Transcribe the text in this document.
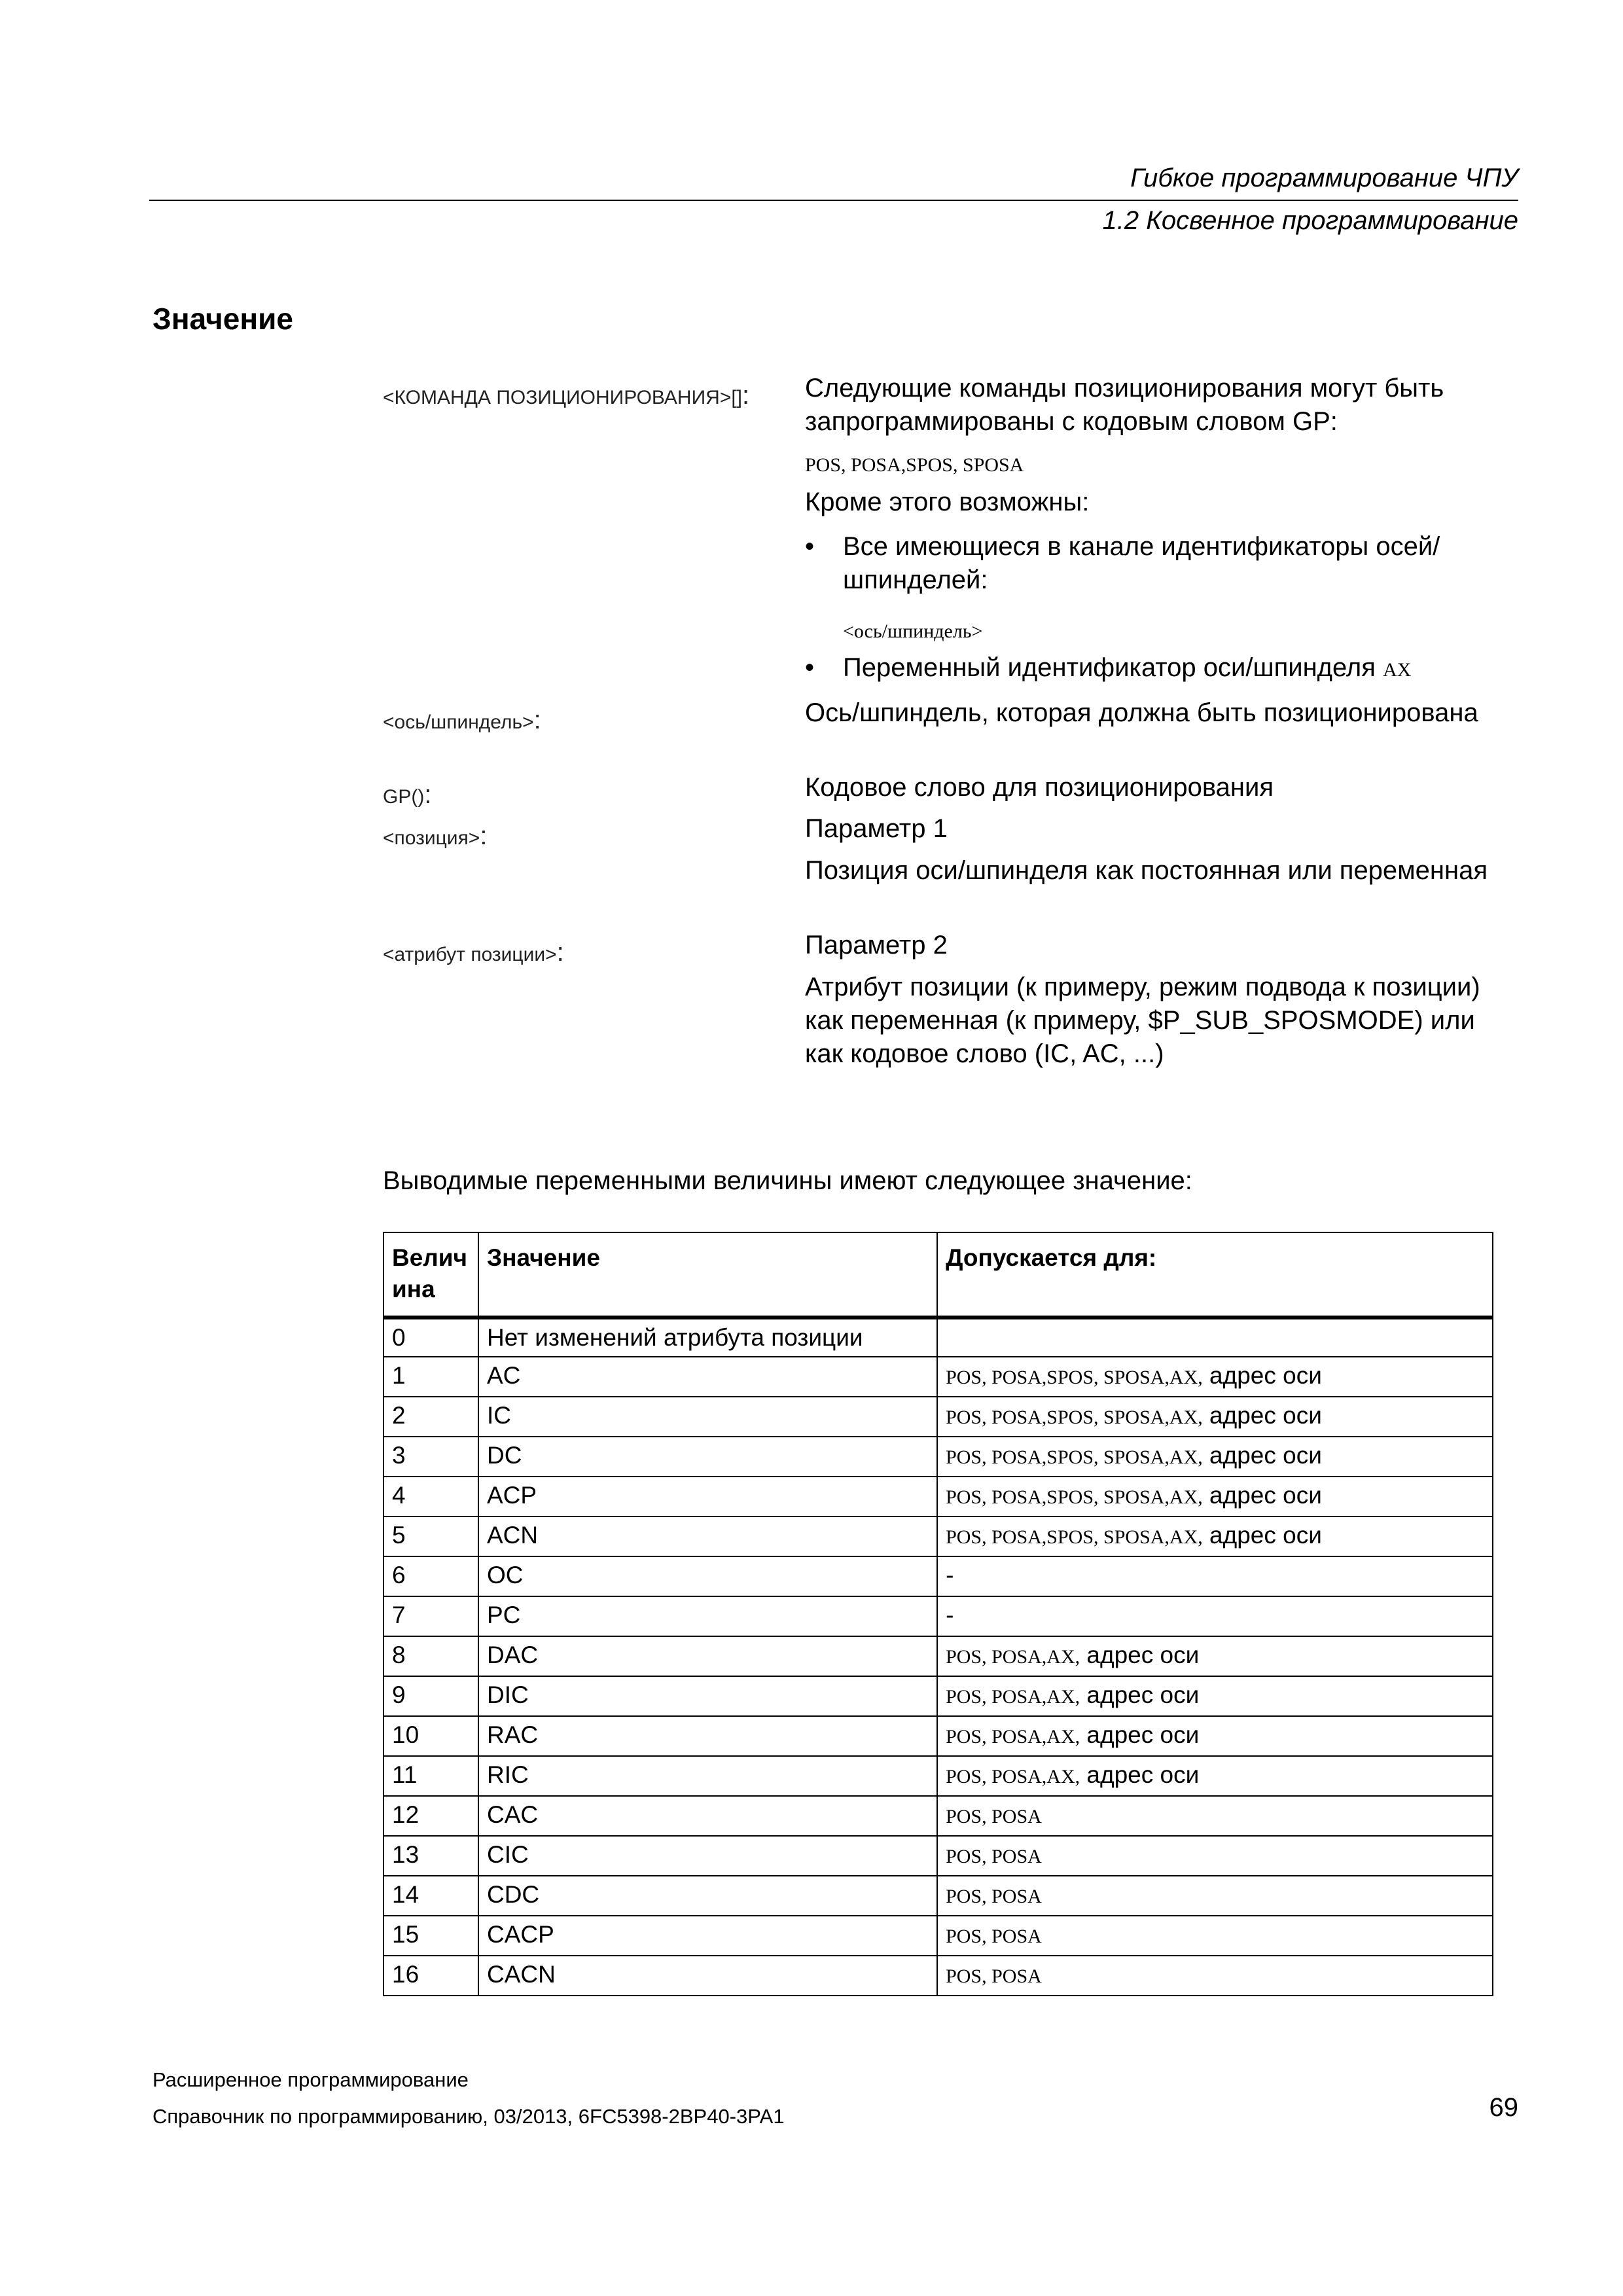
Гибкое программирование ЧПУ
1.2 Косвенное программирование
Значение
<КОМАНДА ПОЗИЦИОНИРОВАНИЯ>[]: Следующие команды позиционирования могут быть запрограммированы с кодовым словом GP:
POS, POSA,SPOS, SPOSA
Кроме этого возможны:
• Все имеющиеся в канале идентификаторы осей/шпинделей:
<ось/шпиндель>
• Переменный идентификатор оси/шпинделя AX
<ось/шпиндель>:	Ось/шпиндель, которая должна быть позиционирована
GP():	Кодовое слово для позиционирования
<позиция>:	Параметр 1
Позиция оси/шпинделя как постоянная или переменная
<атрибут позиции>:	Параметр 2
Атрибут позиции (к примеру, режим подвода к позиции) как переменная (к примеру, $P_SUB_SPOSMODE) или как кодовое слово (IC, AC, ...)
Выводимые переменными величины имеют следующее значение:
Велич ина	Значение	Допускается для:
0	Нет изменений атрибута позиции	
1	AC	POS, POSA,SPOS, SPOSA,AX, адрес оси
2	IC	POS, POSA,SPOS, SPOSA,AX, адрес оси
3	DC	POS, POSA,SPOS, SPOSA,AX, адрес оси
4	ACP	POS, POSA,SPOS, SPOSA,AX, адрес оси
5	ACN	POS, POSA,SPOS, SPOSA,AX, адрес оси
6	OC	-
7	PC	-
8	DAC	POS, POSA,AX, адрес оси
9	DIC	POS, POSA,AX, адрес оси
10	RAC	POS, POSA,AX, адрес оси
11	RIC	POS, POSA,AX, адрес оси
12	CAC	POS, POSA
13	CIC	POS, POSA
14	CDC	POS, POSA
15	CACP	POS, POSA
16	CACN	POS, POSA
Расширенное программирование
Справочник по программированию, 03/2013, 6FC5398-2BP40-3PA1	69
